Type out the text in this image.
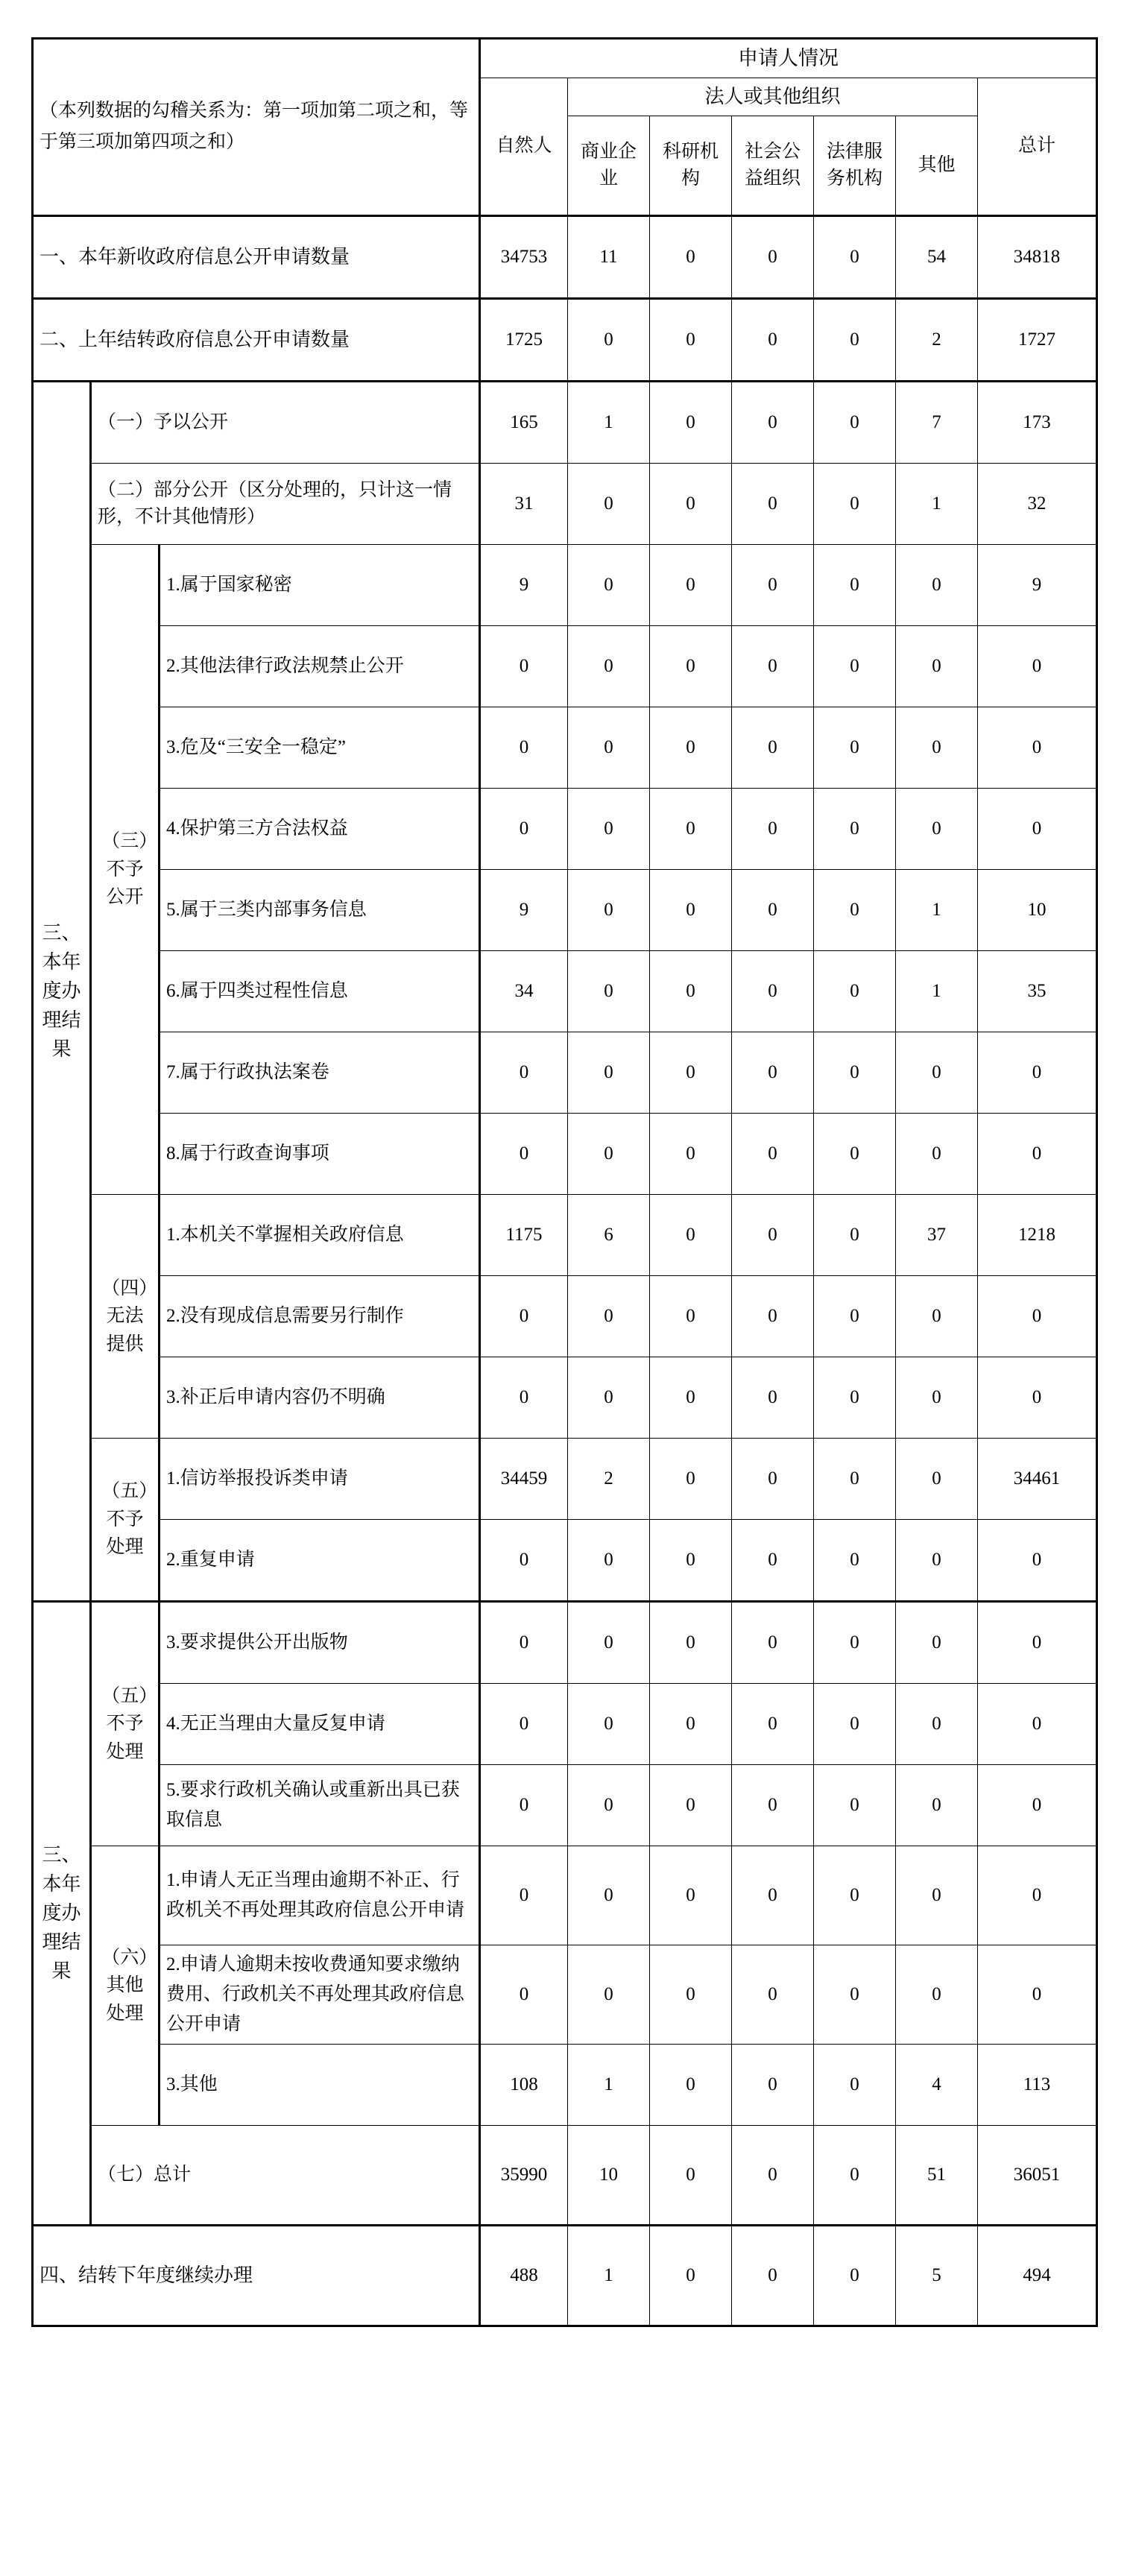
（本列数据的勾稽关系为：第一项加第二项之和，等于第三项加第四项之和）			申请人情况						
			自然人	法人或其他组织					总计
				商业企业	科研机构	社会公益组织	法律服务机构	其他	
一、本年新收政府信息公开申请数量			34753	11	0	0	0	54	34818
二、上年结转政府信息公开申请数量			1725	0	0	0	0	2	1727
三、本年度办理结果	（一）予以公开		165	1	0	0	0	7	173
	（二）部分公开（区分处理的，只计这一情形，不计其他情形）		31	0	0	0	0	1	32
	（三）不予公开	1.属于国家秘密	9	0	0	0	0	0	9
		2.其他法律行政法规禁止公开	0	0	0	0	0	0	0
		3.危及“三安全一稳定”	0	0	0	0	0	0	0
		4.保护第三方合法权益	0	0	0	0	0	0	0
		5.属于三类内部事务信息	9	0	0	0	0	1	10
		6.属于四类过程性信息	34	0	0	0	0	1	35
		7.属于行政执法案卷	0	0	0	0	0	0	0
		8.属于行政查询事项	0	0	0	0	0	0	0
	（四）无法提供	1.本机关不掌握相关政府信息	1175	6	0	0	0	37	1218
		2.没有现成信息需要另行制作	0	0	0	0	0	0	0
		3.补正后申请内容仍不明确	0	0	0	0	0	0	0
	（五）不予处理	1.信访举报投诉类申请	34459	2	0	0	0	0	34461
		2.重复申请	0	0	0	0	0	0	0
三、本年度办理结果	（五）不予处理	3.要求提供公开出版物	0	0	0	0	0	0	0
		4.无正当理由大量反复申请	0	0	0	0	0	0	0
		5.要求行政机关确认或重新出具已获取信息	0	0	0	0	0	0	0
	（六）其他处理	1.申请人无正当理由逾期不补正、行政机关不再处理其政府信息公开申请	0	0	0	0	0	0	0
		2.申请人逾期未按收费通知要求缴纳费用、行政机关不再处理其政府信息公开申请	0	0	0	0	0	0	0
		3.其他	108	1	0	0	0	4	113
	（七）总计		35990	10	0	0	0	51	36051
四、结转下年度继续办理			488	1	0	0	0	5	494
